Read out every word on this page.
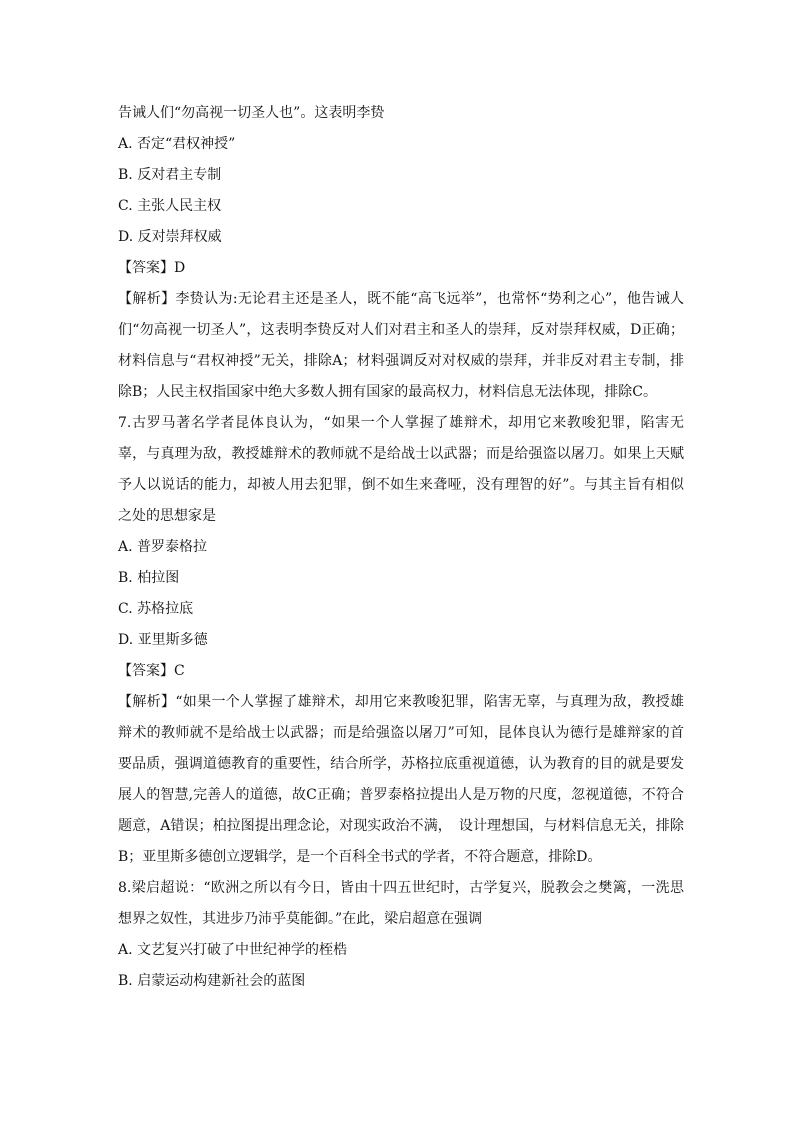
告诫人们“勿高视一切圣人也”。这表明李贽

A. 否定“君权神授”

B. 反对君主专制

C. 主张人民主权

D. 反对崇拜权威

【答案】D

【解析】李贽认为:无论君主还是圣人，既不能“高飞远举”，也常怀“势利之心”，他告诫人们“勿高视一切圣人”，这表明李贽反对人们对君主和圣人的崇拜，反对崇拜权威，D正确；材料信息与“君权神授”无关，排除A；材料强调反对对权威的崇拜，并非反对君主专制，排除B；人民主权指国家中绝大多数人拥有国家的最高权力，材料信息无法体现，排除C。

7.古罗马著名学者昆体良认为，“如果一个人掌握了雄辩术，却用它来教唆犯罪，陷害无辜，与真理为敌，教授雄辩术的教师就不是给战士以武器；而是给强盗以屠刀。如果上天赋予人以说话的能力，却被人用去犯罪，倒不如生来聋哑，没有理智的好”。与其主旨有相似之处的思想家是

A. 普罗泰格拉

B. 柏拉图

C. 苏格拉底

D. 亚里斯多德

【答案】C

【解析】“如果一个人掌握了雄辩术，却用它来教唆犯罪，陷害无辜，与真理为敌，教授雄辩术的教师就不是给战士以武器；而是给强盗以屠刀”可知，昆体良认为德行是雄辩家的首要品质，强调道德教育的重要性，结合所学，苏格拉底重视道德，认为教育的目的就是要发展人的智慧,完善人的道德，故C正确；普罗泰格拉提出人是万物的尺度，忽视道德，不符合题意，A错误；柏拉图提出理念论，对现实政治不满，　设计理想国，与材料信息无关，排除B；亚里斯多德创立逻辑学，是一个百科全书式的学者，不符合题意，排除D。

8.梁启超说：“欧洲之所以有今日，皆由十四五世纪时，古学复兴，脱教会之樊篱，一洗思想界之奴性，其进步乃沛乎莫能御。”在此，梁启超意在强调

A. 文艺复兴打破了中世纪神学的桎梏

B. 启蒙运动构建新社会的蓝图
